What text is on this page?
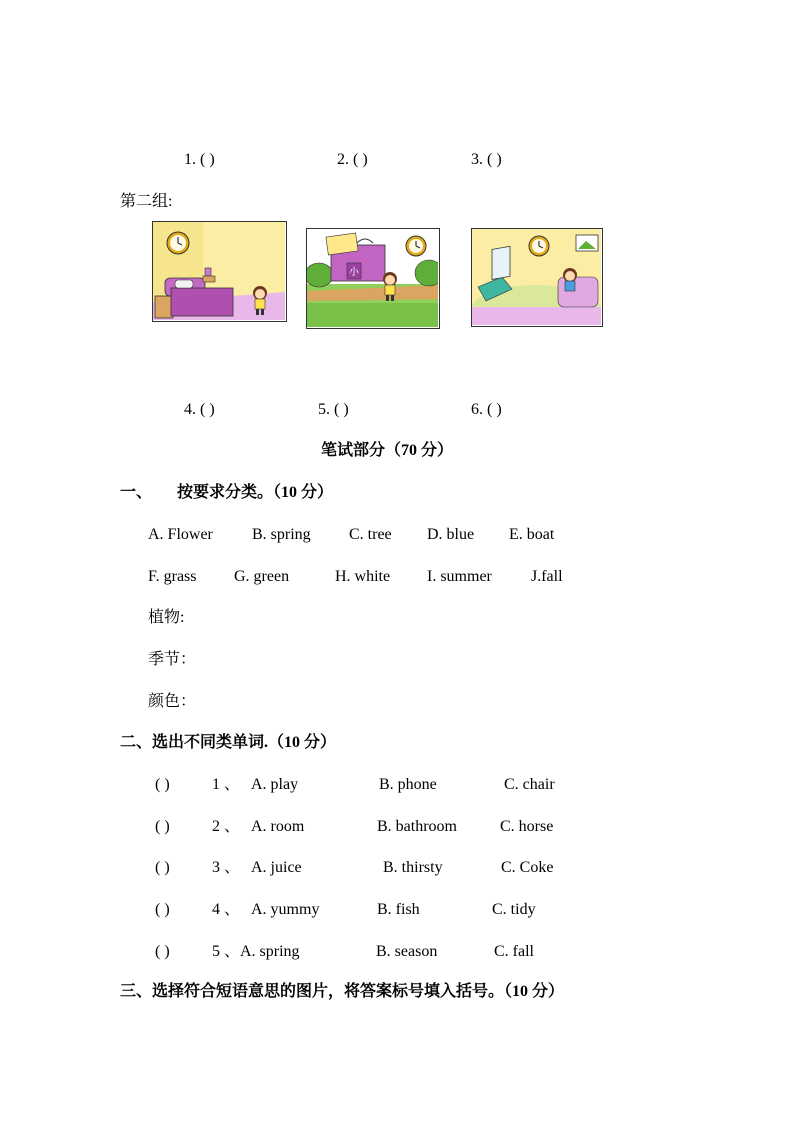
1. ( )	2. ( )	3. ( )
第二组:
小
4. ( )	5. ( )	6. ( )
笔试部分（70 分）
一、 按要求分类。（10 分）
A. Flower B. spring C. tree D. blue E. boat
F. grass G. green	H. white I. summer J.fall
植物:
季节：
颜色：
二、选出不同类单词.（10 分）
( )	1 、 A. play	B. phone	C. chair
( )	2 、 A. room	B. bathroom	C. horse
( )	3 、 A. juice	B. thirsty	C. Coke
( )	4 、 A. yummy	B. fish	C. tidy
( )	5 、A. spring	B. season	C. fall
三、选择符合短语意思的图片，将答案标号填入括号。（10 分）
